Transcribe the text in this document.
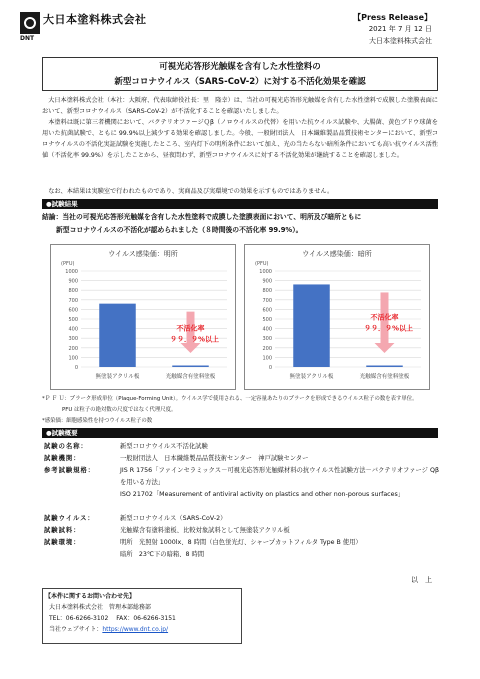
大日本塗料株式会社
DNT
【Press Release】
2021 年 7 月 12 日
大日本塗料株式会社
可視光応答形光触媒を含有した水性塗料の
新型コロナウイルス（SARS-CoV-2）に対する不活化効果を確認
大日本塗料株式会社（本社：大阪府、代表取締役社長：里　隆幸）は、当社の可視光応答形光触媒を含有した水性塗料で成膜した塗膜表面において、新型コロナウイルス（SARS-CoV-2）が不活化することを確認いたしました。
本塗料は既に第三者機関において、バクテリオファージＱβ（ノロウイルスの代替）を用いた抗ウイルス試験や、大腸菌、黄色ブドウ球菌を用いた抗菌試験で、ともに 99.9%以上減少する効果を確認しました。今般、一般財団法人　日本繊維製品品質技術センターにおいて、新型コロナウイルスの不活化実証試験を実施したところ、室内灯下の明所条件において加え、光の当たらない暗所条件においても高い抗ウイルス活性値（不活化率 99.9%）を示したことから、昼夜問わず、新型コロナウイルスに対する不活化効果が継続することを確認しました。
なお、本結果は実験室で行われたものであり、実商品及び実環境での効果を示すものではありません。
●試験結果
結論：当社の可視光応答形光触媒を含有した水性塗料で成膜した塗膜表面において、明所及び暗所ともに
新型コロナウイルスの不活化が認められました（８時間後の不活化率 99.9%）。
ウイルス感染価：明所
(PFU)
0
100
200
300
400
500
600
700
800
900
1000
無塗装アクリル板	光触媒含有塗料塗板
不活化率
９９．９%以上
ウイルス感染価：暗所
(PFU)
0
100
200
300
400
500
600
700
800
900
1000
無塗装アクリル板	光触媒含有塗料塗板
不活化率
９９．９%以上
*Ｐ Ｆ Ｕ：プラーク形成単位（Plaque-Forming Unit）。ウイルス学で使用される、一定容量あたりのプラークを形成できるウイルス粒子の数を表す単位。
PFU は粒子の絶対数の尺度ではなく代理尺度。
*感染価：細胞感染性を持つウイルス粒子の数
●試験概要
試験の名称：	新型コロナウイルス不活化試験
試験機関：	一般財団法人　日本繊維製品品質技術センター　神戸試験センター
参考試験規格：	JIS R 1756「ファインセラミックス－可視光応答形光触媒材料の抗ウイルス性試験方法－バクテリオファージ Qβ を用いる方法」
ISO 21702「Measurement of antiviral activity on plastics and other non-porous surfaces」
試験ウイルス：	新型コロナウイルス（SARS-CoV-2）
試験試料：	光触媒含有塗料塗板、比較対象試料として無塗装アクリル板
試験環境：	明所　光照射 1000lx、8 時間（白色蛍光灯、シャープカットフィルタ Type B 使用）
暗所　23℃下の暗箱、8 時間
以　上
【本件に関するお問い合わせ先】
大日本塗料株式会社　管理本部総務部
TEL：06-6266-3102　 FAX：06-6266-3151
当社ウェブサイト：https://www.dnt.co.jp/
